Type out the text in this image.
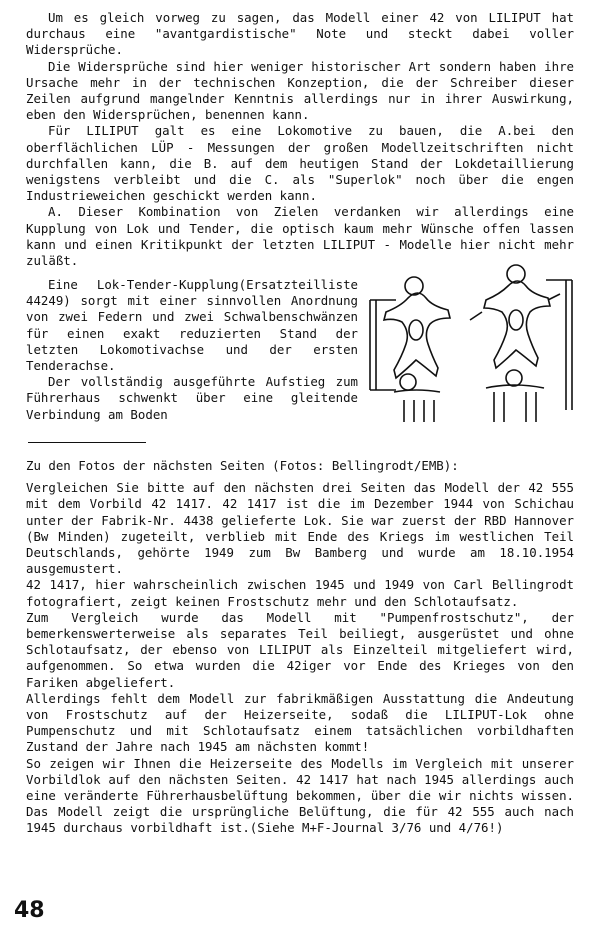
Um es gleich vorweg zu sagen, das Modell einer 42 von LILIPUT hat durchaus eine "avantgardistische" Note und steckt dabei voller Widersprüche.

Die Widersprüche sind hier weniger historischer Art sondern haben ihre Ursache mehr in der technischen Konzeption, die der Schreiber dieser Zeilen aufgrund mangelnder Kenntnis allerdings nur in ihrer Auswirkung, eben den Widersprüchen, benennen kann.

Für LILIPUT galt es eine Lokomotive zu bauen, die A.bei den oberflächlichen LÜP - Messungen der großen Modellzeitschriften nicht durchfallen kann, die B. auf dem heutigen Stand der Lokdetaillierung wenigstens verbleibt und die C. als "Superlok" noch über die engen Industrieweichen geschickt werden kann.

A. Dieser Kombination von Zielen verdanken wir allerdings eine Kupplung von Lok und Tender, die optisch kaum mehr Wünsche offen lassen kann und einen Kritikpunkt der letzten LILIPUT - Modelle hier nicht mehr zuläßt.

Eine Lok-Tender-Kupplung(Ersatzteilliste 44249) sorgt mit einer sinnvollen Anordnung von zwei Federn und zwei Schwalbenschwänzen für einen exakt reduzierten Stand der letzten Lokomotivachse und der ersten Tenderachse.

Der vollständig ausgeführte Aufstieg zum Führerhaus schwenkt über eine gleitende Verbindung am Boden

Zu den Fotos der nächsten Seiten (Fotos: Bellingrodt/EMB):

Vergleichen Sie bitte auf den nächsten drei Seiten das Modell der 42 555 mit dem Vorbild 42 1417. 42 1417 ist die im Dezember 1944 von Schichau unter der Fabrik-Nr. 4438 gelieferte Lok. Sie war zuerst der RBD Hannover (Bw Minden) zugeteilt, verblieb mit Ende des Kriegs im westlichen Teil Deutschlands, gehörte 1949 zum Bw Bamberg und wurde am 18.10.1954 ausgemustert.

42 1417, hier wahrscheinlich zwischen 1945 und 1949 von Carl Bellingrodt fotografiert, zeigt keinen Frostschutz mehr und den Schlotaufsatz.

Zum Vergleich wurde das Modell mit "Pumpenfrostschutz", der bemerkenswerterweise als separates Teil beiliegt, ausgerüstet und ohne Schlotaufsatz, der ebenso von LILIPUT als Einzelteil mitgeliefert wird, aufgenommen. So etwa wurden die 42iger vor Ende des Krieges von den Fariken abgeliefert.

Allerdings fehlt dem Modell zur fabrikmäßigen Ausstattung die Andeutung von Frostschutz auf der Heizerseite, sodaß die LILIPUT-Lok ohne Pumpenschutz und mit Schlotaufsatz einem tatsächlichen vorbildhaften Zustand der Jahre nach 1945 am nächsten kommt!

So zeigen wir Ihnen die Heizerseite des Modells im Vergleich mit unserer Vorbildlok auf den nächsten Seiten. 42 1417 hat nach 1945 allerdings auch eine veränderte Führerhausbelüftung bekommen, über die wir nichts wissen. Das Modell zeigt die ursprüngliche Belüftung, die für 42 555 auch nach 1945 durchaus vorbildhaft ist.(Siehe M+F-Journal 3/76 und 4/76!)

48
